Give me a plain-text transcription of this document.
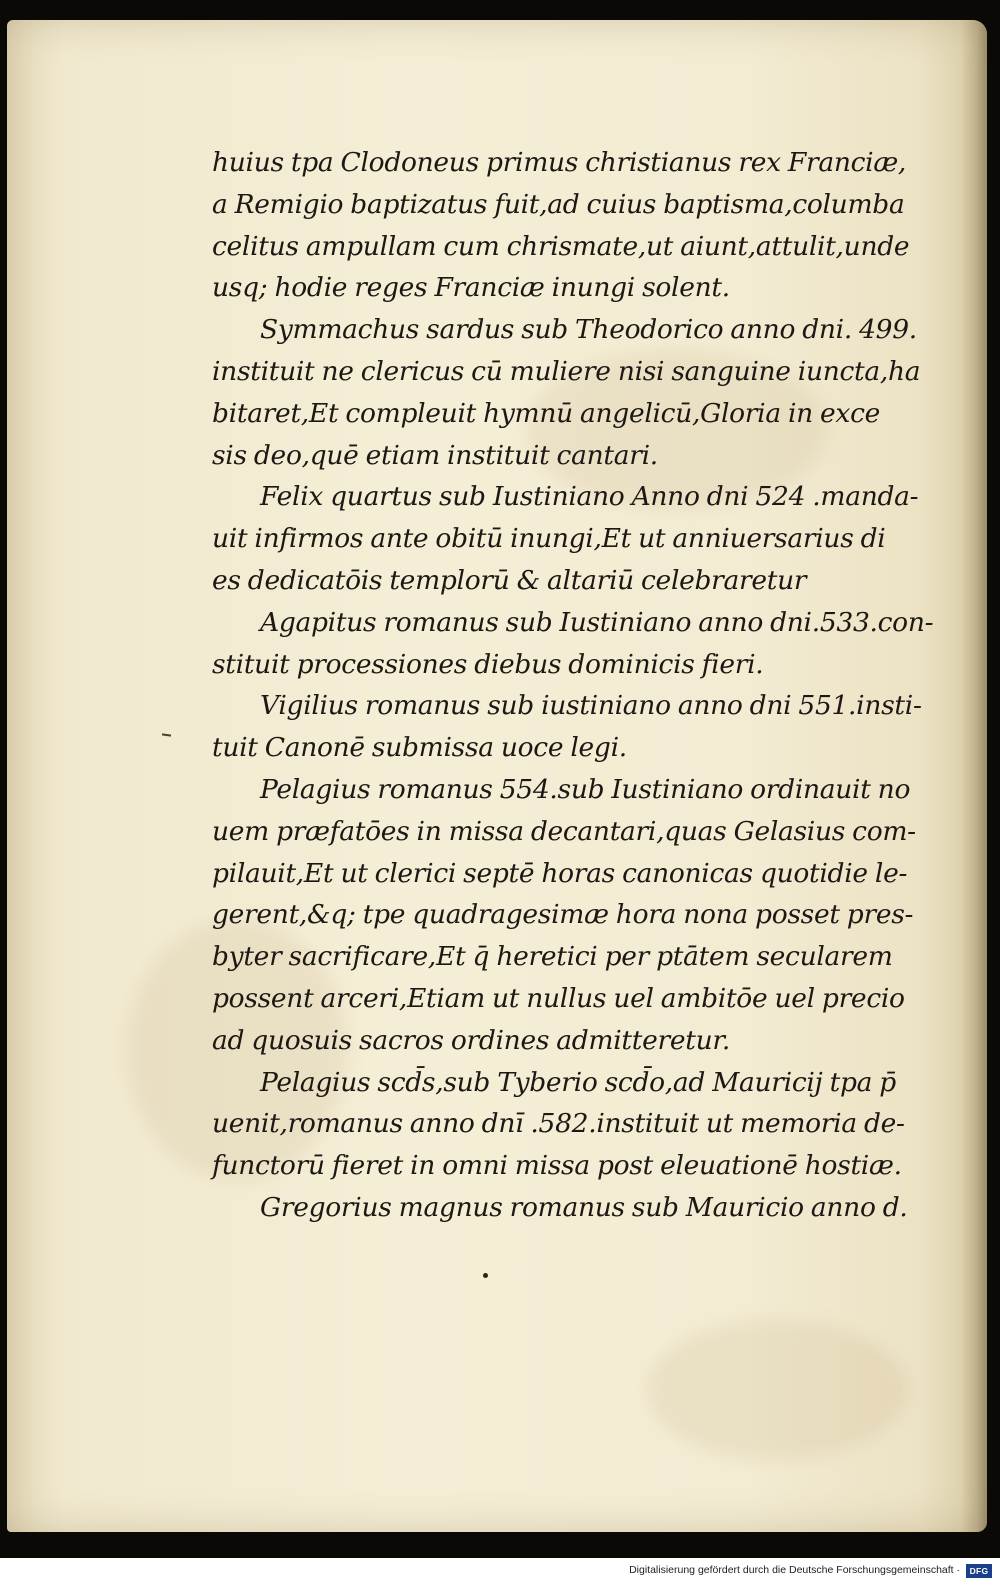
huius tpa Clodoneus primus christianus rex Franciæ,
a Remigio baptizatus fuit,ad cuius baptisma,columba
celitus ampullam cum chrismate,ut aiunt,attulit,unde
usq; hodie reges Franciæ inungi solent.
Symmachus sardus sub Theodorico anno dni. 499.
instituit ne clericus cū muliere nisi sanguine iuncta,ha
bitaret,Et compleuit hymnū angelicū,Gloria in exce
sis deo,quē etiam instituit cantari.
Felix quartus sub Iustiniano Anno dni 524 .manda-
uit infirmos ante obitū inungi,Et ut anniuersarius di
es dedicatōis templorū & altariū celebraretur
Agapitus romanus sub Iustiniano anno dni.533.con-
stituit processiones diebus dominicis fieri.
Vigilius romanus sub iustiniano anno dni 551.insti-
tuit Canonē submissa uoce legi.
Pelagius romanus 554.sub Iustiniano ordinauit no
uem præfatōes in missa decantari,quas Gelasius com-
pilauit,Et ut clerici septē horas canonicas quotidie le-
gerent,&q; tpe quadragesimæ hora nona posset pres-
byter sacrificare,Et q̄ heretici per ptātem secularem
possent arceri,Etiam ut nullus uel ambitōe uel precio
ad quosuis sacros ordines admitteretur.
Pelagius scd̄s,sub Tyberio scd̄o,ad Mauricij tpa p̄
uenit,romanus anno dnī .582.instituit ut memoria de-
functorū fieret in omni missa post eleuationē hostiæ.
Gregorius magnus romanus sub Mauricio anno d.
Digitalisierung gefördert durch die Deutsche Forschungsgemeinschaft ·	DFG
